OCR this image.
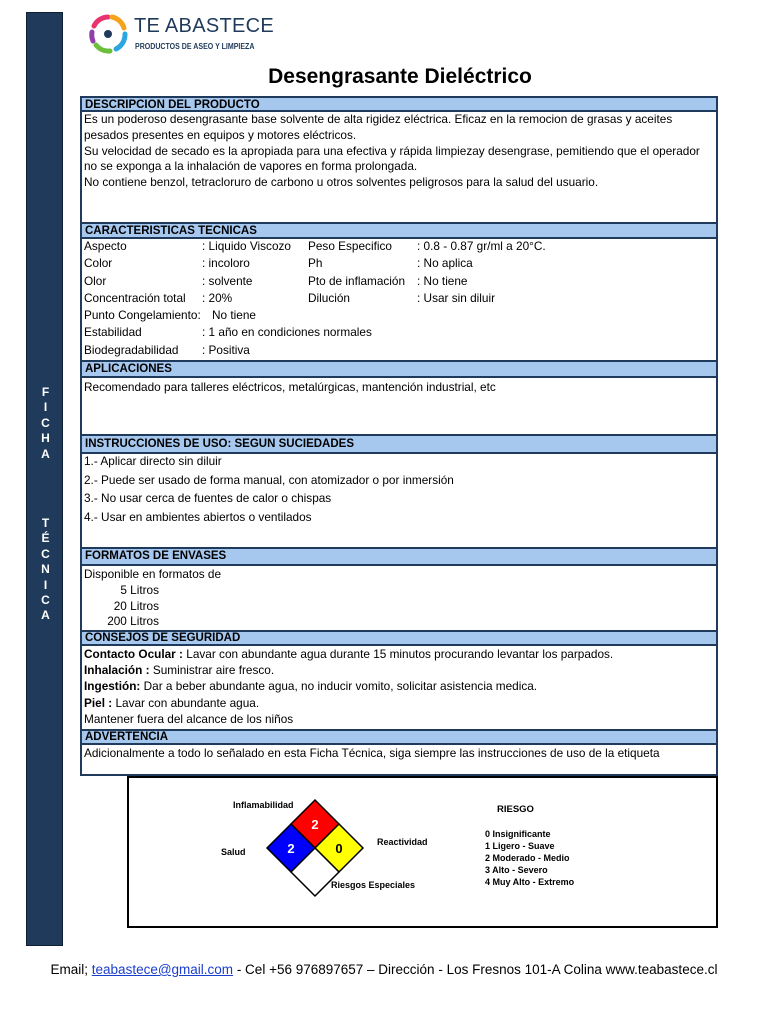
F
I
C
H
A
T
É
C
N
I
C
A
TE ABASTECE
PRODUCTOS DE ASEO Y LIMPIEZA
Desengrasante Dieléctrico
DESCRIPCION DEL PRODUCTO
Es un poderoso desengrasante base solvente de alta rigidez eléctrica. Eficaz en la remocion de grasas y aceites pesados presentes en equipos y motores eléctricos.
Su velocidad de secado es la apropiada para una efectiva y rápida limpiezay desengrase, pemitiendo que el operador no se exponga a la inhalación de vapores en forma prolongada.
No contiene benzol, tetracloruro de carbono u otros solventes peligrosos para la salud del usuario.
CARACTERISTICAS TECNICAS
Aspecto	: Liquido Viscozo Peso Especifico : 0.8 - 0.87 gr/ml a 20°C.
Color	: incoloro	Ph	: No aplica
Olor	: solvente	Pto de inflamación : No tiene
Concentración total : 20%	Dilución	: Usar sin diluir
Punto Congelamiento: No tiene
Estabilidad	: 1 año en condiciones normales
Biodegradabilidad : Positiva
APLICACIONES
Recomendado para talleres eléctricos, metalúrgicas, mantención industrial, etc
INSTRUCCIONES DE USO: SEGUN SUCIEDADES
1.- Aplicar directo sin diluir
2.- Puede ser usado de forma manual, con atomizador o por inmersión
3.- No usar cerca de fuentes de calor o chispas
4.- Usar en ambientes abiertos o ventilados
FORMATOS DE ENVASES
Disponible en formatos de
5 Litros
20 Litros
200 Litros
CONSEJOS DE SEGURIDAD
Contacto Ocular : Lavar con abundante agua durante 15 minutos procurando levantar los parpados.
Inhalación : Suministrar aire fresco.
Ingestión: Dar a beber abundante agua, no inducir vomito, solicitar asistencia medica.
Piel : Lavar con abundante agua.
Mantener fuera del alcance de los niños
ADVERTENCIA
Adicionalmente a todo lo señalado en esta Ficha Técnica, siga siempre las instrucciones de uso de la etiqueta
2
2	0
Inflamabilidad
Salud
Reactividad
Riesgos Especiales
RIESGO
0 Insignificante
1 Ligero - Suave
2 Moderado - Medio
3 Alto - Severo
4 Muy Alto - Extremo
Email; teabastece@gmail.com - Cel +56 976897657 – Dirección - Los Fresnos 101-A Colina www.teabastece.cl
